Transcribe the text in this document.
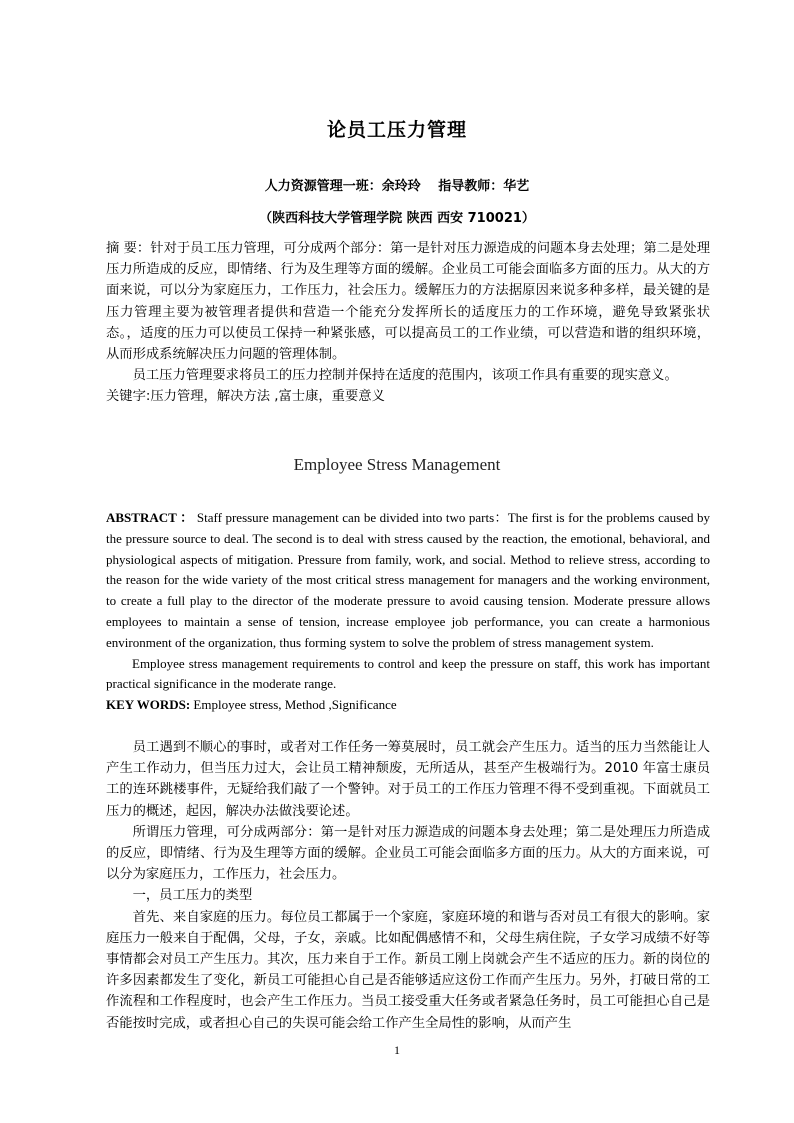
论员工压力管理
人力资源管理一班：余玲玲　 指导教师：华艺
（陕西科技大学管理学院 陕西 西安 710021）

摘 要：针对于员工压力管理，可分成两个部分：第一是针对压力源造成的问题本身去处理；第二是处理压力所造成的反应，即情绪、行为及生理等方面的缓解。企业员工可能会面临多方面的压力。从大的方面来说，可以分为家庭压力，工作压力，社会压力。缓解压力的方法据原因来说多种多样，最关键的是压力管理主要为被管理者提供和营造一个能充分发挥所长的适度压力的工作环境，避免导致紧张状态。，适度的压力可以使员工保持一种紧张感，可以提高员工的工作业绩，可以营造和谐的组织环境，从而形成系统解决压力问题的管理体制。

员工压力管理要求将员工的压力控制并保持在适度的范围内，该项工作具有重要的现实意义。

关键字:压力管理，解决方法 ,富士康，重要意义

Employee Stress Management

ABSTRACT ： Staff pressure management can be divided into two parts：The first is for the problems caused by the pressure source to deal. The second is to deal with stress caused by the reaction, the emotional, behavioral, and physiological aspects of mitigation. Pressure from family, work, and social. Method to relieve stress, according to the reason for the wide variety of the most critical stress management for managers and the working environment, to create a full play to the director of the moderate pressure to avoid causing tension. Moderate pressure allows employees to maintain a sense of tension, increase employee job performance, you can create a harmonious environment of the organization, thus forming system to solve the problem of stress management system.

Employee stress management requirements to control and keep the pressure on staff, this work has important practical significance in the moderate range.

KEY WORDS: Employee stress, Method ,Significance

员工遇到不顺心的事时，或者对工作任务一筹莫展时，员工就会产生压力。适当的压力当然能让人产生工作动力，但当压力过大，会让员工精神颓废，无所适从，甚至产生极端行为。2010 年富士康员工的连环跳楼事件，无疑给我们敲了一个警钟。对于员工的工作压力管理不得不受到重视。下面就员工压力的概述，起因，解决办法做浅要论述。

所谓压力管理，可分成两部分：第一是针对压力源造成的问题本身去处理；第二是处理压力所造成的反应，即情绪、行为及生理等方面的缓解。企业员工可能会面临多方面的压力。从大的方面来说，可以分为家庭压力，工作压力，社会压力。

一，员工压力的类型

首先、来自家庭的压力。每位员工都属于一个家庭，家庭环境的和谐与否对员工有很大的影响。家庭压力一般来自于配偶，父母，子女，亲戚。比如配偶感情不和，父母生病住院，子女学习成绩不好等事情都会对员工产生压力。其次，压力来自于工作。新员工刚上岗就会产生不适应的压力。新的岗位的许多因素都发生了变化，新员工可能担心自己是否能够适应这份工作而产生压力。另外，打破日常的工作流程和工作程度时，也会产生工作压力。当员工接受重大任务或者紧急任务时，员工可能担心自己是否能按时完成，或者担心自己的失误可能会给工作产生全局性的影响，从而产生

1
